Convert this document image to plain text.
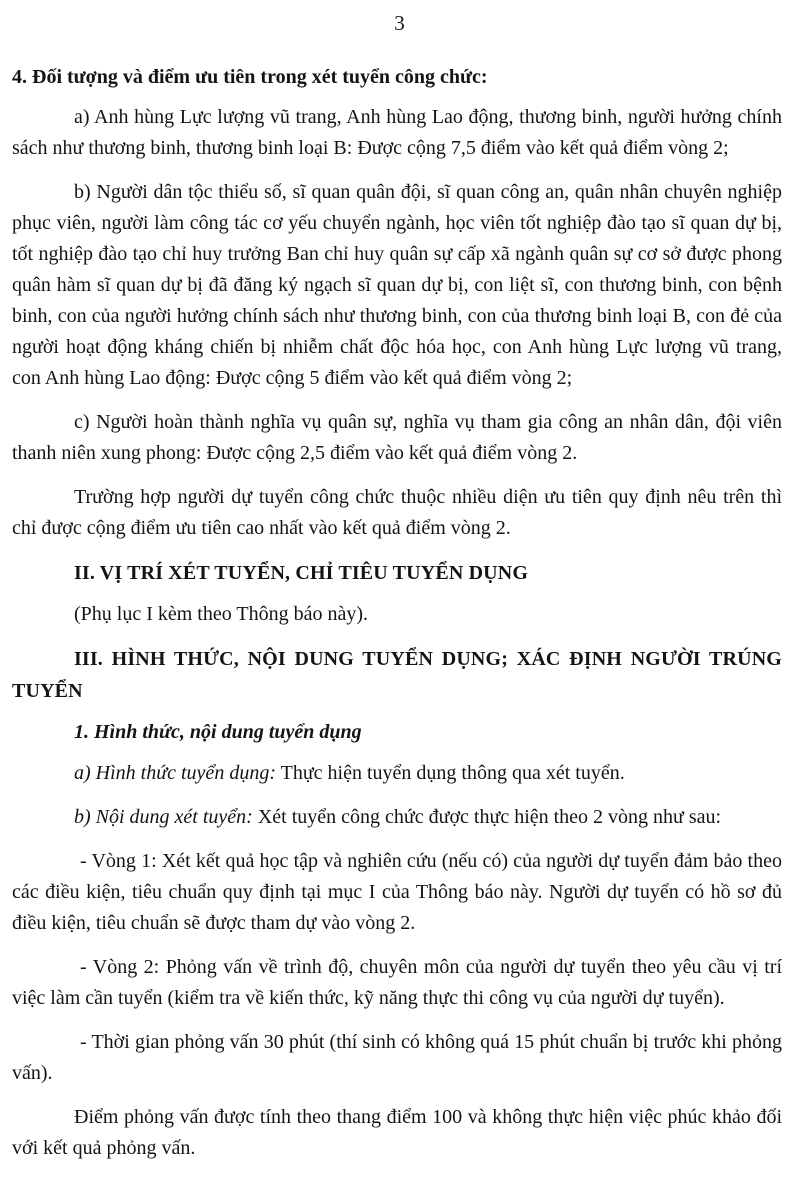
3
4. Đối tượng và điểm ưu tiên trong xét tuyển công chức:

a) Anh hùng Lực lượng vũ trang, Anh hùng Lao động, thương binh, người hưởng chính sách như thương binh, thương binh loại B: Được cộng 7,5 điểm vào kết quả điểm vòng 2;

b) Người dân tộc thiểu số, sĩ quan quân đội, sĩ quan công an, quân nhân chuyên nghiệp phục viên, người làm công tác cơ yếu chuyển ngành, học viên tốt nghiệp đào tạo sĩ quan dự bị, tốt nghiệp đào tạo chỉ huy trưởng Ban chỉ huy quân sự cấp xã ngành quân sự cơ sở được phong quân hàm sĩ quan dự bị đã đăng ký ngạch sĩ quan dự bị, con liệt sĩ, con thương binh, con bệnh binh, con của người hưởng chính sách như thương binh, con của thương binh loại B, con đẻ của người hoạt động kháng chiến bị nhiễm chất độc hóa học, con Anh hùng Lực lượng vũ trang, con Anh hùng Lao động: Được cộng 5 điểm vào kết quả điểm vòng 2;

c) Người hoàn thành nghĩa vụ quân sự, nghĩa vụ tham gia công an nhân dân, đội viên thanh niên xung phong: Được cộng 2,5 điểm vào kết quả điểm vòng 2.

Trường hợp người dự tuyển công chức thuộc nhiều diện ưu tiên quy định nêu trên thì chỉ được cộng điểm ưu tiên cao nhất vào kết quả điểm vòng 2.

II. VỊ TRÍ XÉT TUYỂN, CHỈ TIÊU TUYỂN DỤNG

(Phụ lục I kèm theo Thông báo này).

III. HÌNH THỨC, NỘI DUNG TUYỂN DỤNG; XÁC ĐỊNH NGƯỜI TRÚNG TUYỂN
1. Hình thức, nội dung tuyển dụng

a) Hình thức tuyển dụng: Thực hiện tuyển dụng thông qua xét tuyển.

b) Nội dung xét tuyển: Xét tuyển công chức được thực hiện theo 2 vòng như sau:

- Vòng 1: Xét kết quả học tập và nghiên cứu (nếu có) của người dự tuyển đảm bảo theo các điều kiện, tiêu chuẩn quy định tại mục I của Thông báo này. Người dự tuyển có hồ sơ đủ điều kiện, tiêu chuẩn sẽ được tham dự vào vòng 2.

- Vòng 2: Phỏng vấn về trình độ, chuyên môn của người dự tuyển theo yêu cầu vị trí việc làm cần tuyển (kiểm tra về kiến thức, kỹ năng thực thi công vụ của người dự tuyển).

- Thời gian phỏng vấn 30 phút (thí sinh có không quá 15 phút chuẩn bị trước khi phỏng vấn).

Điểm phỏng vấn được tính theo thang điểm 100 và không thực hiện việc phúc khảo đối với kết quả phỏng vấn.
